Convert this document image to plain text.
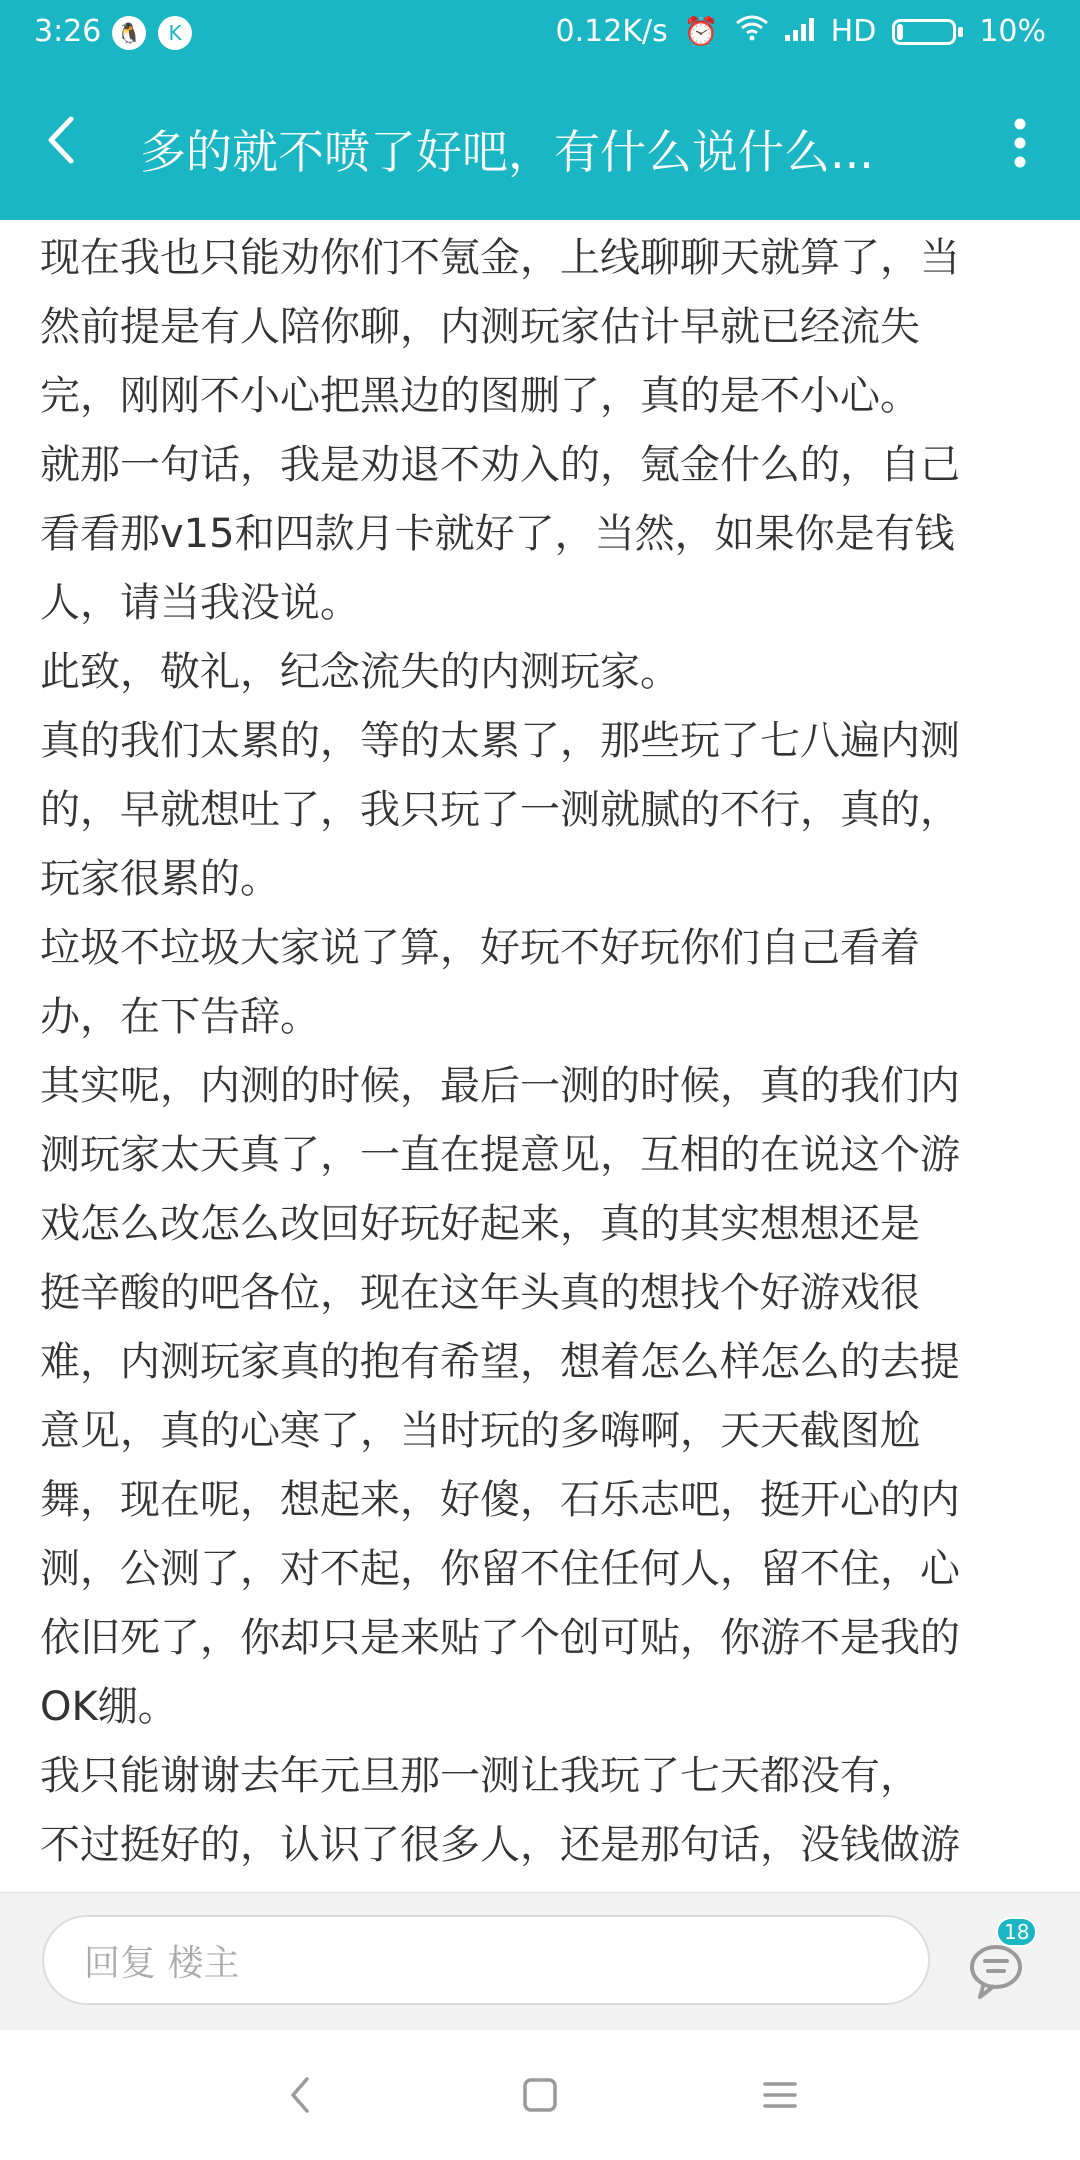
3:26 🐧	K	0.12K/s ⏰	HD	10%
多的就不喷了好吧，有什么说什么...
现在我也只能劝你们不氪金，上线聊聊天就算了，当
然前提是有人陪你聊，内测玩家估计早就已经流失
完，刚刚不小心把黑边的图删了，真的是不小心。
就那一句话，我是劝退不劝入的，氪金什么的，自己
看看那v15和四款月卡就好了，当然，如果你是有钱
人，请当我没说。
此致，敬礼，纪念流失的内测玩家。
真的我们太累的，等的太累了，那些玩了七八遍内测
的，早就想吐了，我只玩了一测就腻的不行，真的，
玩家很累的。
垃圾不垃圾大家说了算，好玩不好玩你们自己看着
办，在下告辞。
其实呢，内测的时候，最后一测的时候，真的我们内
测玩家太天真了，一直在提意见，互相的在说这个游
戏怎么改怎么改回好玩好起来，真的其实想想还是
挺辛酸的吧各位，现在这年头真的想找个好游戏很
难，内测玩家真的抱有希望，想着怎么样怎么的去提
意见，真的心寒了，当时玩的多嗨啊，天天截图尬
舞，现在呢，想起来，好傻，石乐志吧，挺开心的内
测，公测了，对不起，你留不住任何人，留不住，心
依旧死了，你却只是来贴了个创可贴，你游不是我的
OK绷。
我只能谢谢去年元旦那一测让我玩了七天都没有，
不过挺好的，认识了很多人，还是那句话，没钱做游
回复 楼主
18
